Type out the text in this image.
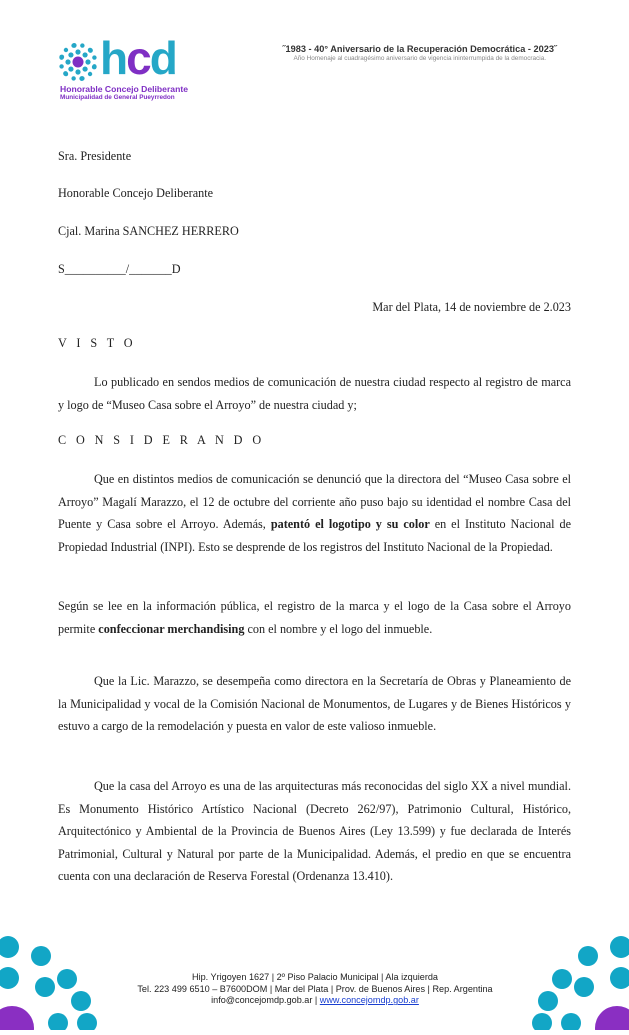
hcd
Honorable Concejo Deliberante
Municipalidad de General Pueyrredon
˝1983 - 40° Aniversario de la Recuperación Democrática - 2023˝
Año Homenaje al cuadragésimo aniversario de vigencia ininterrumpida de la democracia.
Sra. Presidente
Honorable Concejo Deliberante
Cjal. Marina SANCHEZ HERRERO
S__________/_______D
Mar del Plata, 14 de noviembre de 2.023
V I S T O

Lo publicado en sendos medios de comunicación de nuestra ciudad respecto al registro de marca y logo de “Museo Casa sobre el Arroyo” de nuestra ciudad y;

C O N S I D E R A N D O

Que en distintos medios de comunicación se denunció que la directora del “Museo Casa sobre el Arroyo” Magalí Marazzo, el 12 de octubre del corriente año puso bajo su identidad el nombre Casa del Puente y Casa sobre el Arroyo. Además, patentó el logotipo y su color en el Instituto Nacional de Propiedad Industrial (INPI). Esto se desprende de los registros del Instituto Nacional de la Propiedad.

Según se lee en la información pública, el registro de la marca y el logo de la Casa sobre el Arroyo permite confeccionar merchandising con el nombre y el logo del inmueble.

Que la Lic. Marazzo, se desempeña como directora en la Secretaría de Obras y Planeamiento de la Municipalidad y vocal de la Comisión Nacional de Monumentos, de Lugares y de Bienes Históricos y estuvo a cargo de la remodelación y puesta en valor de este valioso inmueble.

Que la casa del Arroyo es una de las arquitecturas más reconocidas del siglo XX a nivel mundial. Es Monumento Histórico Artístico Nacional (Decreto 262/97), Patrimonio Cultural, Histórico, Arquitectónico y Ambiental de la Provincia de Buenos Aires (Ley 13.599) y fue declarada de Interés Patrimonial, Cultural y Natural por parte de la Municipalidad. Además, el predio en que se encuentra cuenta con una declaración de Reserva Forestal (Ordenanza 13.410).

Hip. Yrigoyen 1627 | 2º Piso Palacio Municipal | Ala izquierda
Tel. 223 499 6510 – B7600DOM | Mar del Plata | Prov. de Buenos Aires | Rep. Argentina
info@concejomdp.gob.ar | www.concejomdp.gob.ar
